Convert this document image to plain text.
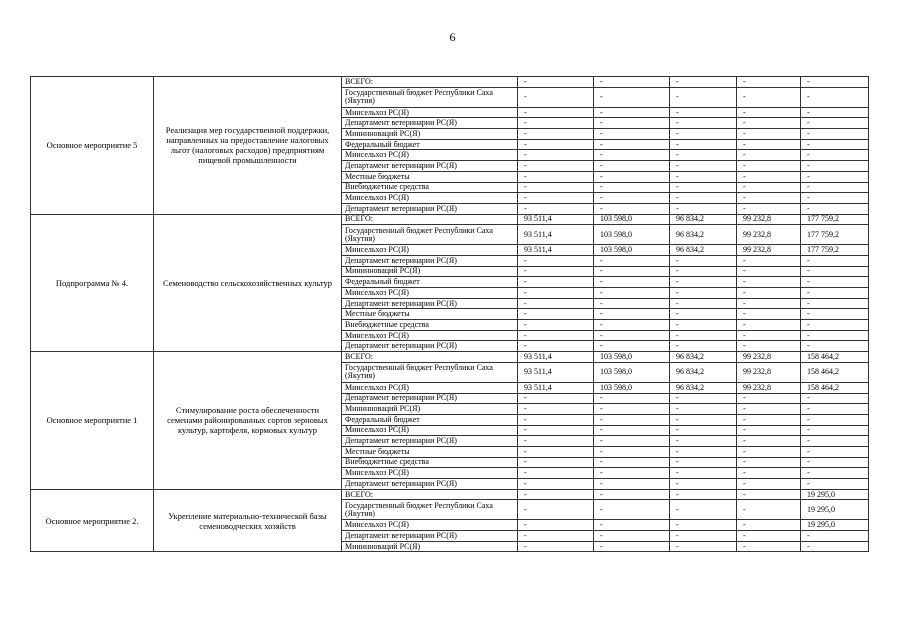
6
Основное мероприятие 5	Реализация мер государственной поддержки, направленных на предоставление налоговых льгот (налоговых расходов) предприятиям пищевой промышленности	ВСЕГО:	-	-	-	-	-
		Государственный бюджет Республики Саха (Якутия)	-	-	-	-	-
		Минсельхоз РС(Я)	-	-	-	-	-
		Департамент ветеринарии РС(Я)	-	-	-	-	-
		Мининноваций РС(Я)	-	-	-	-	-
		Федеральный бюджет	-	-	-	-	-
		Минсельхоз РС(Я)	-	-	-	-	-
		Департамент ветеринарии РС(Я)	-	-	-	-	-
		Местные бюджеты	-	-	-	-	-
		Внебюджетные средства	-	-	-	-	-
		Минсельхоз РС(Я)	-	-	-	-	-
		Департамент ветеринарии РС(Я)	-	-	-	-	-
Подпрограмма № 4.	Семеноводство сельскохозяйственных культур	ВСЕГО:	93 511,4	103 598,0	96 834,2	99 232,8	177 759,2
		Государственный бюджет Республики Саха (Якутия)	93 511,4	103 598,0	96 834,2	99 232,8	177 759,2
		Минсельхоз РС(Я)	93 511,4	103 598,0	96 834,2	99 232,8	177 759,2
		Департамент ветеринарии РС(Я)	-	-	-	-	-
		Мининноваций РС(Я)	-	-	-	-	-
		Федеральный бюджет	-	-	-	-	-
		Минсельхоз РС(Я)	-	-	-	-	-
		Департамент ветеринарии РС(Я)	-	-	-	-	-
		Местные бюджеты	-	-	-	-	-
		Внебюджетные средства	-	-	-	-	-
		Минсельхоз РС(Я)	-	-	-	-	-
		Департамент ветеринарии РС(Я)	-	-	-	-	-
Основное мероприятие 1	Стимулирование роста обеспеченности семенами районированных сортов зерновых культур, картофеля, кормовых культур	ВСЕГО:	93 511,4	103 598,0	96 834,2	99 232,8	158 464,2
		Государственный бюджет Республики Саха (Якутия)	93 511,4	103 598,0	96 834,2	99 232,8	158 464,2
		Минсельхоз РС(Я)	93 511,4	103 598,0	96 834,2	99 232,8	158 464,2
		Департамент ветеринарии РС(Я)	-	-	-	-	-
		Мининноваций РС(Я)	-	-	-	-	-
		Федеральный бюджет	-	-	-	-	-
		Минсельхоз РС(Я)	-	-	-	-	-
		Департамент ветеринарии РС(Я)	-	-	-	-	-
		Местные бюджеты	-	-	-	-	-
		Внебюджетные средства	-	-	-	-	-
		Минсельхоз РС(Я)	-	-	-	-	-
		Департамент ветеринарии РС(Я)	-	-	-	-	-
Основное мероприятие 2.	Укрепление материально-технической базы семеноводческих хозяйств	ВСЕГО:	-	-	-	-	19 295,0
		Государственный бюджет Республики Саха (Якутия)	-	-	-	-	19 295,0
		Минсельхоз РС(Я)	-	-	-	-	19 295,0
		Департамент ветеринарии РС(Я)	-	-	-	-	-
		Мининноваций РС(Я)	-	-	-	-	-
